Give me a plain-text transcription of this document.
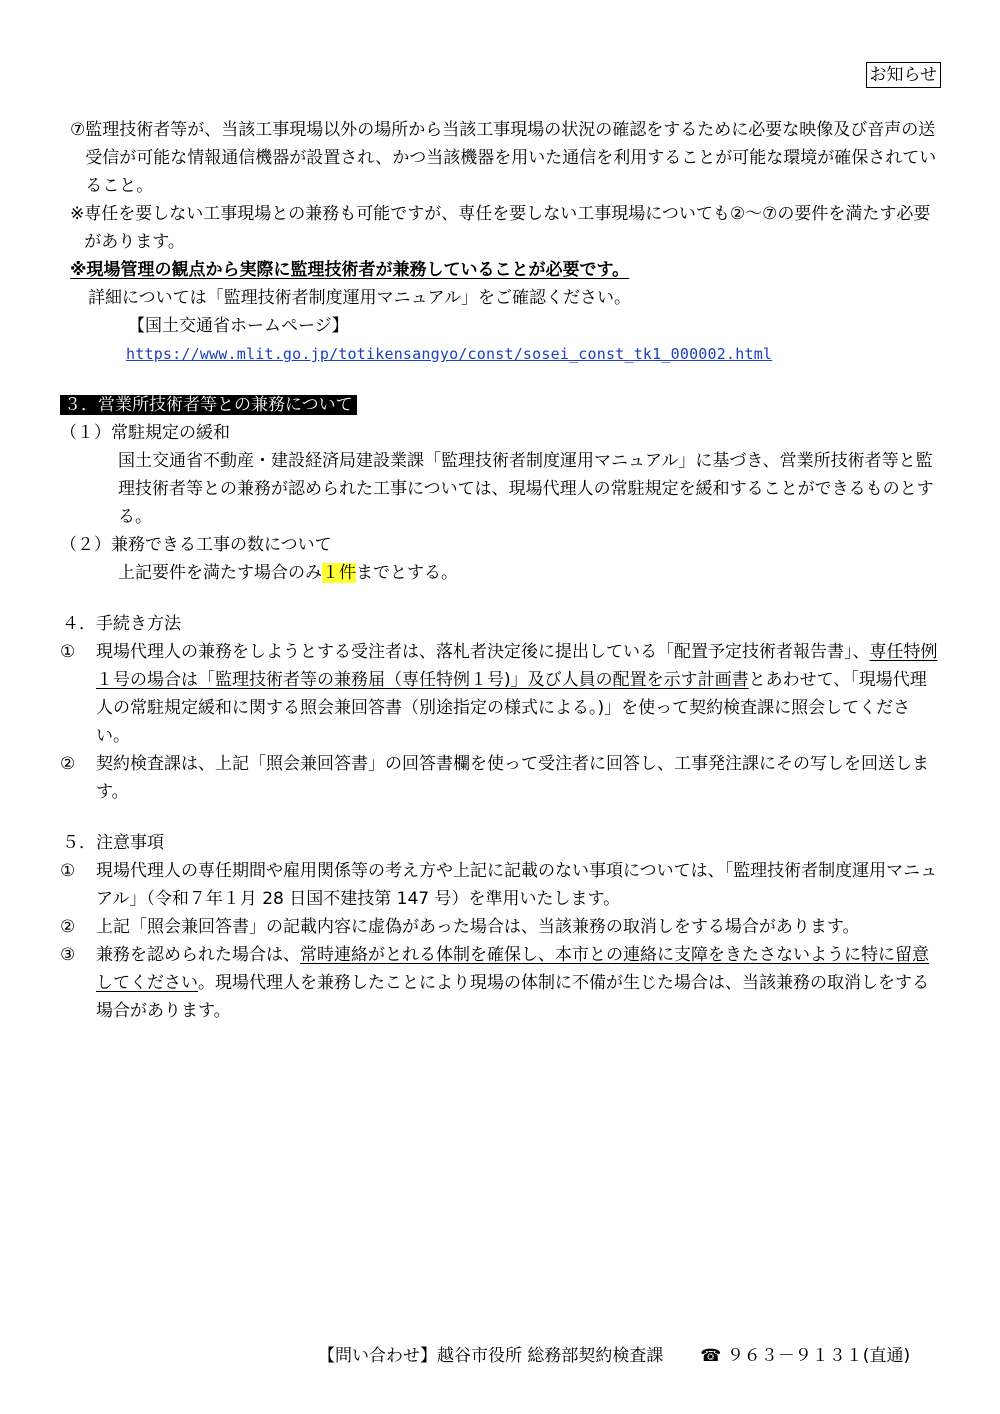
お知らせ
⑦ 監理技術者等が、当該工事現場以外の場所から当該工事現場の状況の確認をするために必要な映像及び音声の送受信が可能な情報通信機器が設置され、かつ当該機器を用いた通信を利用することが可能な環境が確保されていること。
※ 専任を要しない工事現場との兼務も可能ですが、専任を要しない工事現場についても②～⑦の要件を満たす必要があります。
※現場管理の観点から実際に監理技術者が兼務していることが必要です。
詳細については「監理技術者制度運用マニュアル」をご確認ください。
【国土交通省ホームページ】
https://www.mlit.go.jp/totikensangyo/const/sosei_const_tk1_000002.html
３．営業所技術者等との兼務について
（１）常駐規定の緩和
国土交通省不動産・建設経済局建設業課「監理技術者制度運用マニュアル」に基づき、営業所技術者等と監理技術者等との兼務が認められた工事については、現場代理人の常駐規定を緩和することができるものとする。
（２）兼務できる工事の数について
上記要件を満たす場合のみ１件までとする。
４．手続き方法
①	現場代理人の兼務をしようとする受注者は、落札者決定後に提出している「配置予定技術者報告書」、専任特例１号の場合は「監理技術者等の兼務届（専任特例１号)」及び人員の配置を示す計画書とあわせて、「現場代理人の常駐規定緩和に関する照会兼回答書（別途指定の様式による。)」を使って契約検査課に照会してください。
②	契約検査課は、上記「照会兼回答書」の回答書欄を使って受注者に回答し、工事発注課にその写しを回送します。
５．注意事項
①	現場代理人の専任期間や雇用関係等の考え方や上記に記載のない事項については、「監理技術者制度運用マニュアル」（令和７年１月 28 日国不建技第 147 号）を準用いたします。
②	上記「照会兼回答書」の記載内容に虚偽があった場合は、当該兼務の取消しをする場合があります。
③	兼務を認められた場合は、常時連絡がとれる体制を確保し、本市との連絡に支障をきたさないように特に留意してください。現場代理人を兼務したことにより現場の体制に不備が生じた場合は、当該兼務の取消しをする場合があります。
【問い合わせ】越谷市役所 総務部契約検査課 ☎ ９６３－９１３１(直通)
